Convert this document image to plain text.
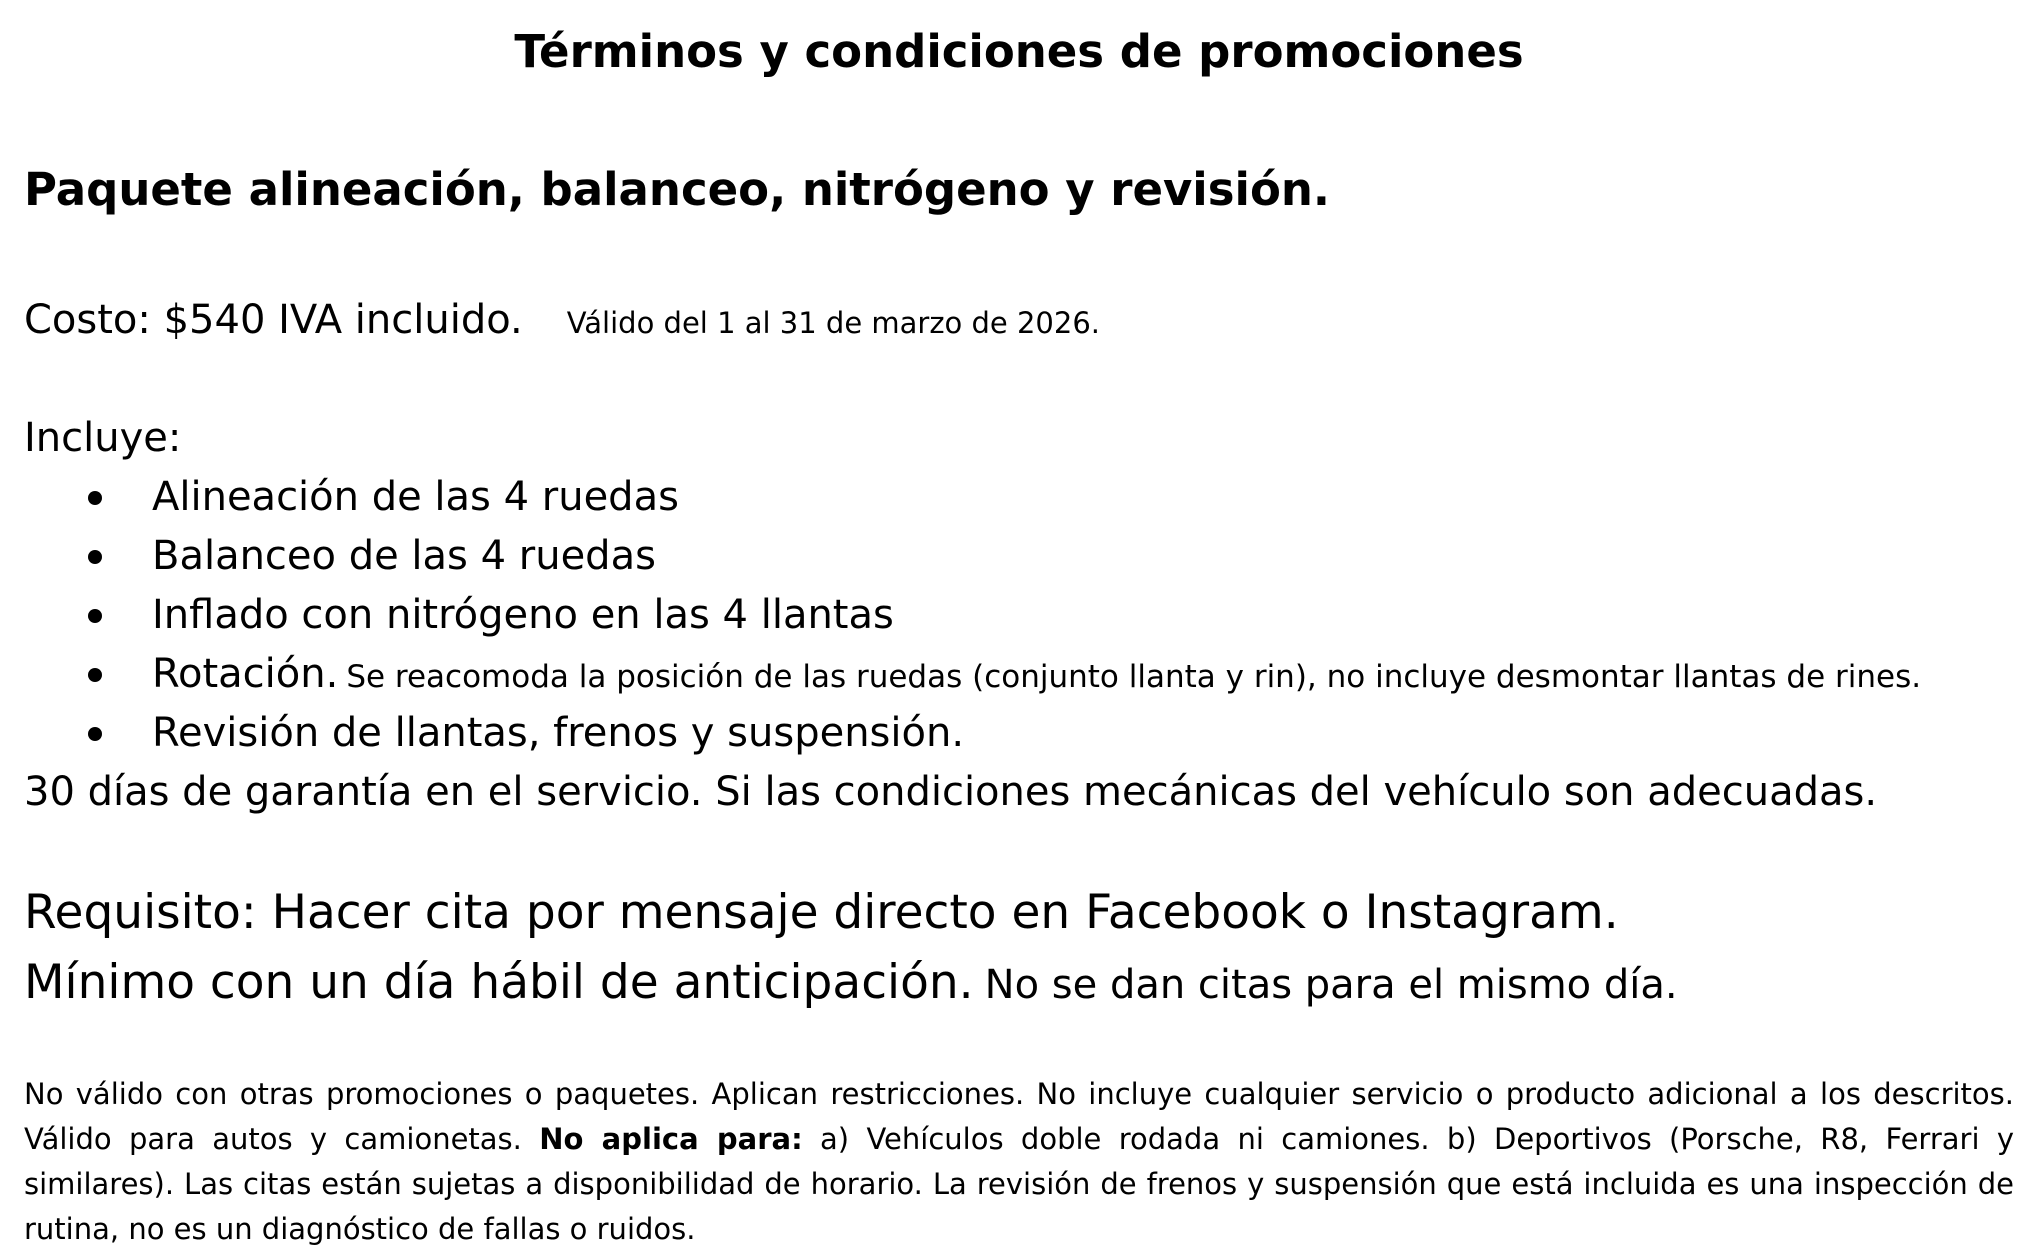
Términos y condiciones de promociones
Paquete alineación, balanceo, nitrógeno y revisión.
Costo: $540 IVA incluido. Válido del 1 al 31 de marzo de 2026.
Incluye:
Alineación de las 4 ruedas
Balanceo de las 4 ruedas
Inflado con nitrógeno en las 4 llantas
Rotación. Se reacomoda la posición de las ruedas (conjunto llanta y rin), no incluye desmontar llantas de rines.
Revisión de llantas, frenos y suspensión.
30 días de garantía en el servicio. Si las condiciones mecánicas del vehículo son adecuadas.
Requisito: Hacer cita por mensaje directo en Facebook o Instagram.
Mínimo con un día hábil de anticipación. No se dan citas para el mismo día.
No válido con otras promociones o paquetes. Aplican restricciones. No incluye cualquier servicio o producto adicional a los descritos. Válido para autos y camionetas. No aplica para: a) Vehículos doble rodada ni camiones. b) Deportivos (Porsche, R8, Ferrari y similares). Las citas están sujetas a disponibilidad de horario. La revisión de frenos y suspensión que está incluida es una inspección de rutina, no es un diagnóstico de fallas o ruidos.
